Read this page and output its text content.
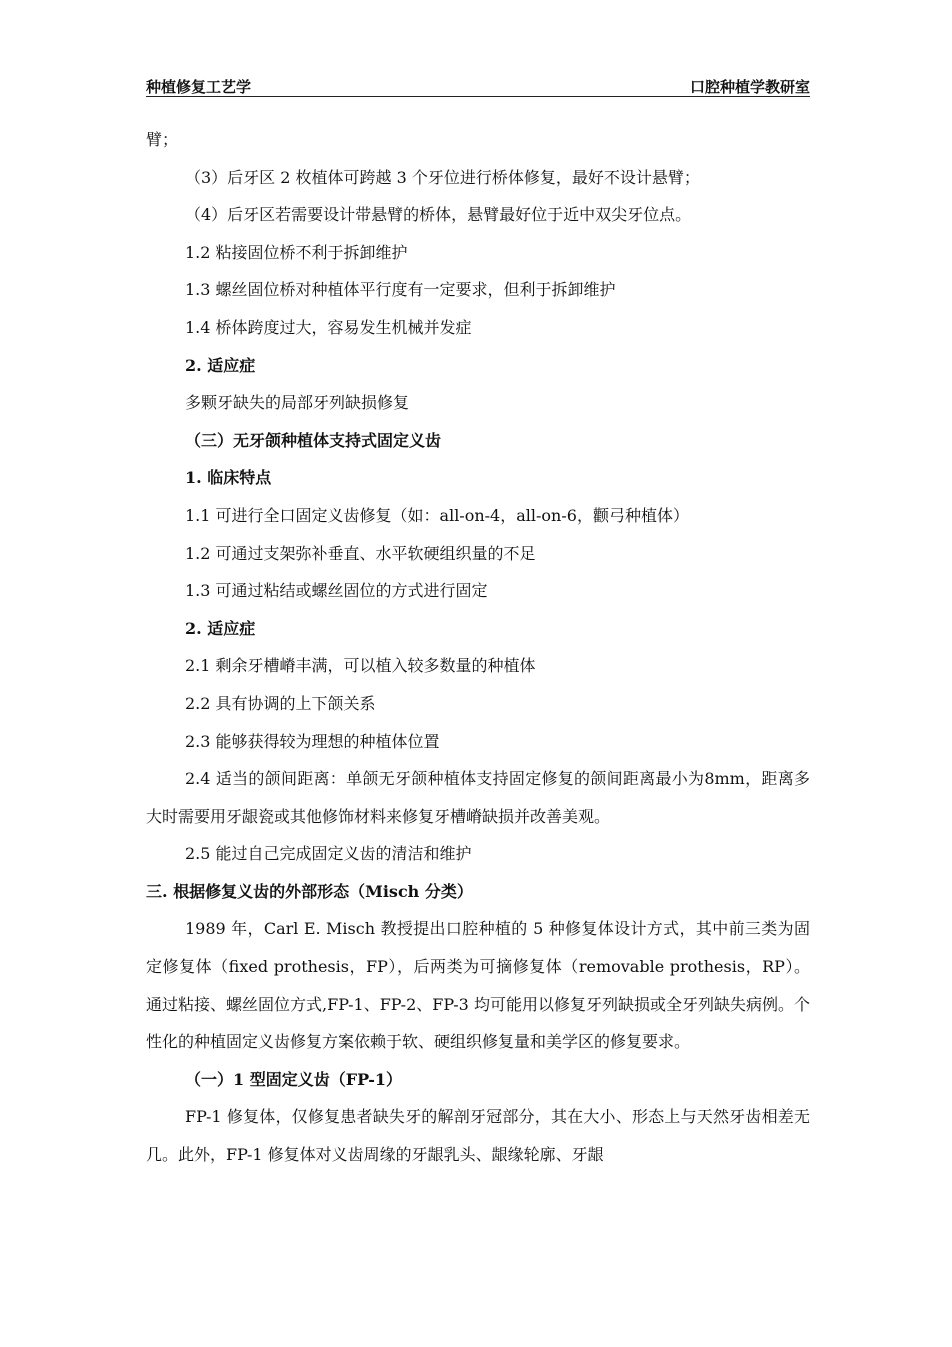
种植修复工艺学	口腔种植学教研室

臂；

（3）后牙区 2 枚植体可跨越 3 个牙位进行桥体修复，最好不设计悬臂；

（4）后牙区若需要设计带悬臂的桥体，悬臂最好位于近中双尖牙位点。

1.2 粘接固位桥不利于拆卸维护

1.3 螺丝固位桥对种植体平行度有一定要求，但利于拆卸维护

1.4 桥体跨度过大，容易发生机械并发症

2. 适应症

多颗牙缺失的局部牙列缺损修复

（三）无牙颌种植体支持式固定义齿

1. 临床特点

1.1 可进行全口固定义齿修复（如：all-on-4，all-on-6，颧弓种植体）

1.2 可通过支架弥补垂直、水平软硬组织量的不足

1.3 可通过粘结或螺丝固位的方式进行固定

2. 适应症

2.1 剩余牙槽嵴丰满，可以植入较多数量的种植体

2.2 具有协调的上下颌关系

2.3 能够获得较为理想的种植体位置

2.4 适当的颌间距离：单颌无牙颌种植体支持固定修复的颌间距离最小为8mm，距离多大时需要用牙龈瓷或其他修饰材料来修复牙槽嵴缺损并改善美观。

2.5 能过自己完成固定义齿的清洁和维护

三. 根据修复义齿的外部形态（Misch 分类）

1989 年，Carl E. Misch 教授提出口腔种植的 5 种修复体设计方式，其中前三类为固定修复体（fixed prothesis，FP），后两类为可摘修复体（removable prothesis，RP）。通过粘接、螺丝固位方式,FP-1、FP-2、FP-3 均可能用以修复牙列缺损或全牙列缺失病例。个性化的种植固定义齿修复方案依赖于软、硬组织修复量和美学区的修复要求。

（一）1 型固定义齿（FP-1）

FP-1 修复体，仅修复患者缺失牙的解剖牙冠部分，其在大小、形态上与天然牙齿相差无几。此外，FP-1 修复体对义齿周缘的牙龈乳头、龈缘轮廓、牙龈
